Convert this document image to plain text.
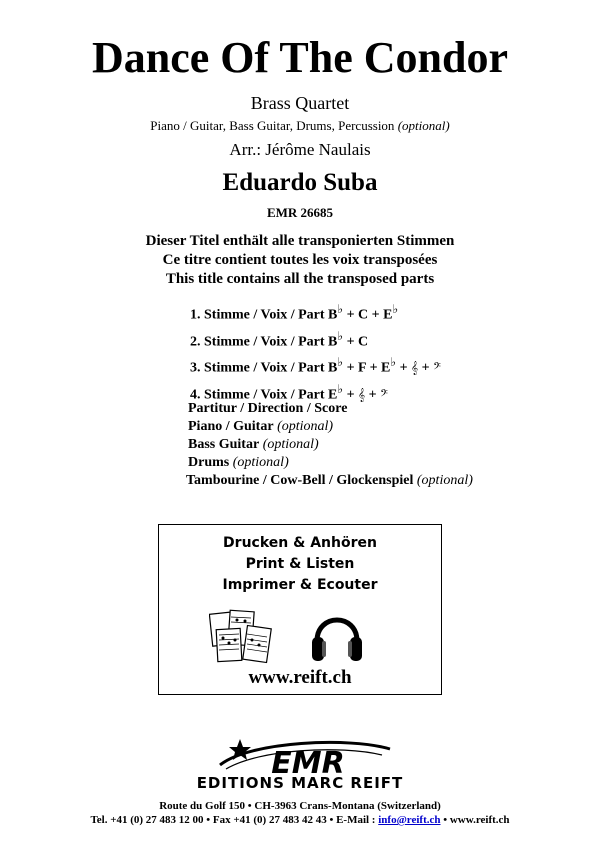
Dance Of The Condor
Brass Quartet
Piano / Guitar, Bass Guitar, Drums, Percussion (optional)
Arr.: Jérôme Naulais
Eduardo Suba
EMR 26685
Dieser Titel enthält alle transponierten Stimmen
Ce titre contient toutes les voix transposées
This title contains all the transposed parts
1. Stimme / Voix / Part B♭ + C + E♭
2. Stimme / Voix / Part B♭ + C
3. Stimme / Voix / Part B♭ + F + E♭ + 𝄞 + 𝄢
4. Stimme / Voix / Part E♭ + 𝄞 + 𝄢
Partitur / Direction / Score
Piano / Guitar (optional)
Bass Guitar (optional)
Drums (optional)
Tambourine / Cow-Bell / Glockenspiel (optional)
Drucken & Anhören
Print & Listen
Imprimer & Ecouter
www.reift.ch
EMR
EDITIONS MARC REIFT
Route du Golf 150 • CH-3963 Crans-Montana (Switzerland)
Tel. +41 (0) 27 483 12 00 • Fax +41 (0) 27 483 42 43 • E-Mail : info@reift.ch • www.reift.ch
